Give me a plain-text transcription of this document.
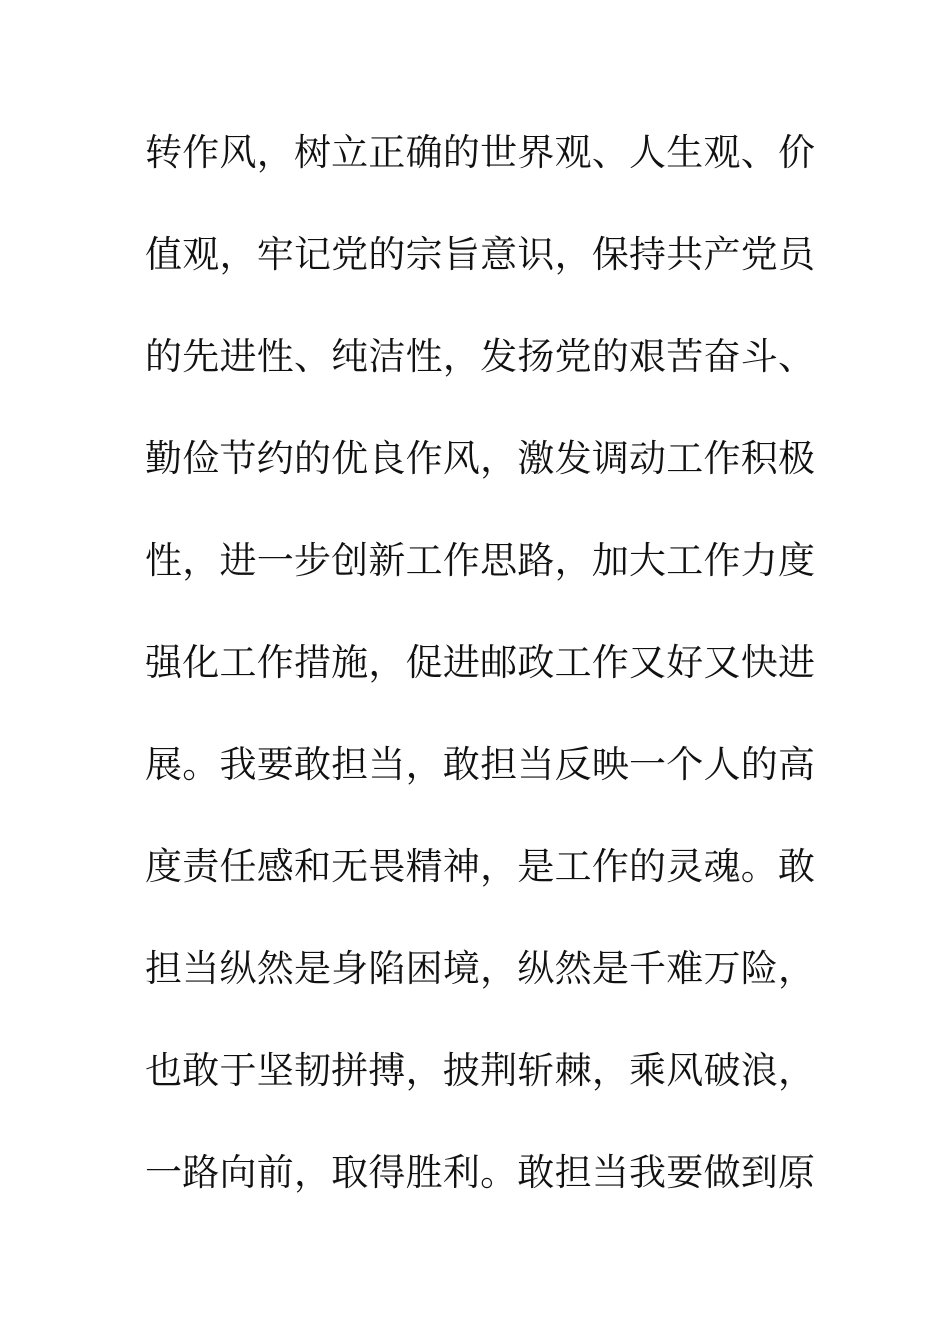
转作风，树立正确的世界观、人生观、价
值观，牢记党的宗旨意识，保持共产党员
的先进性、纯洁性，发扬党的艰苦奋斗、
勤俭节约的优良作风，激发调动工作积极
性，进一步创新工作思路，加大工作力度
强化工作措施，促进邮政工作又好又快进
展。我要敢担当，敢担当反映一个人的高
度责任感和无畏精神，是工作的灵魂。敢
担当纵然是身陷困境，纵然是千难万险，
也敢于坚韧拼搏，披荆斩棘，乘风破浪，
一路向前，取得胜利。敢担当我要做到原
